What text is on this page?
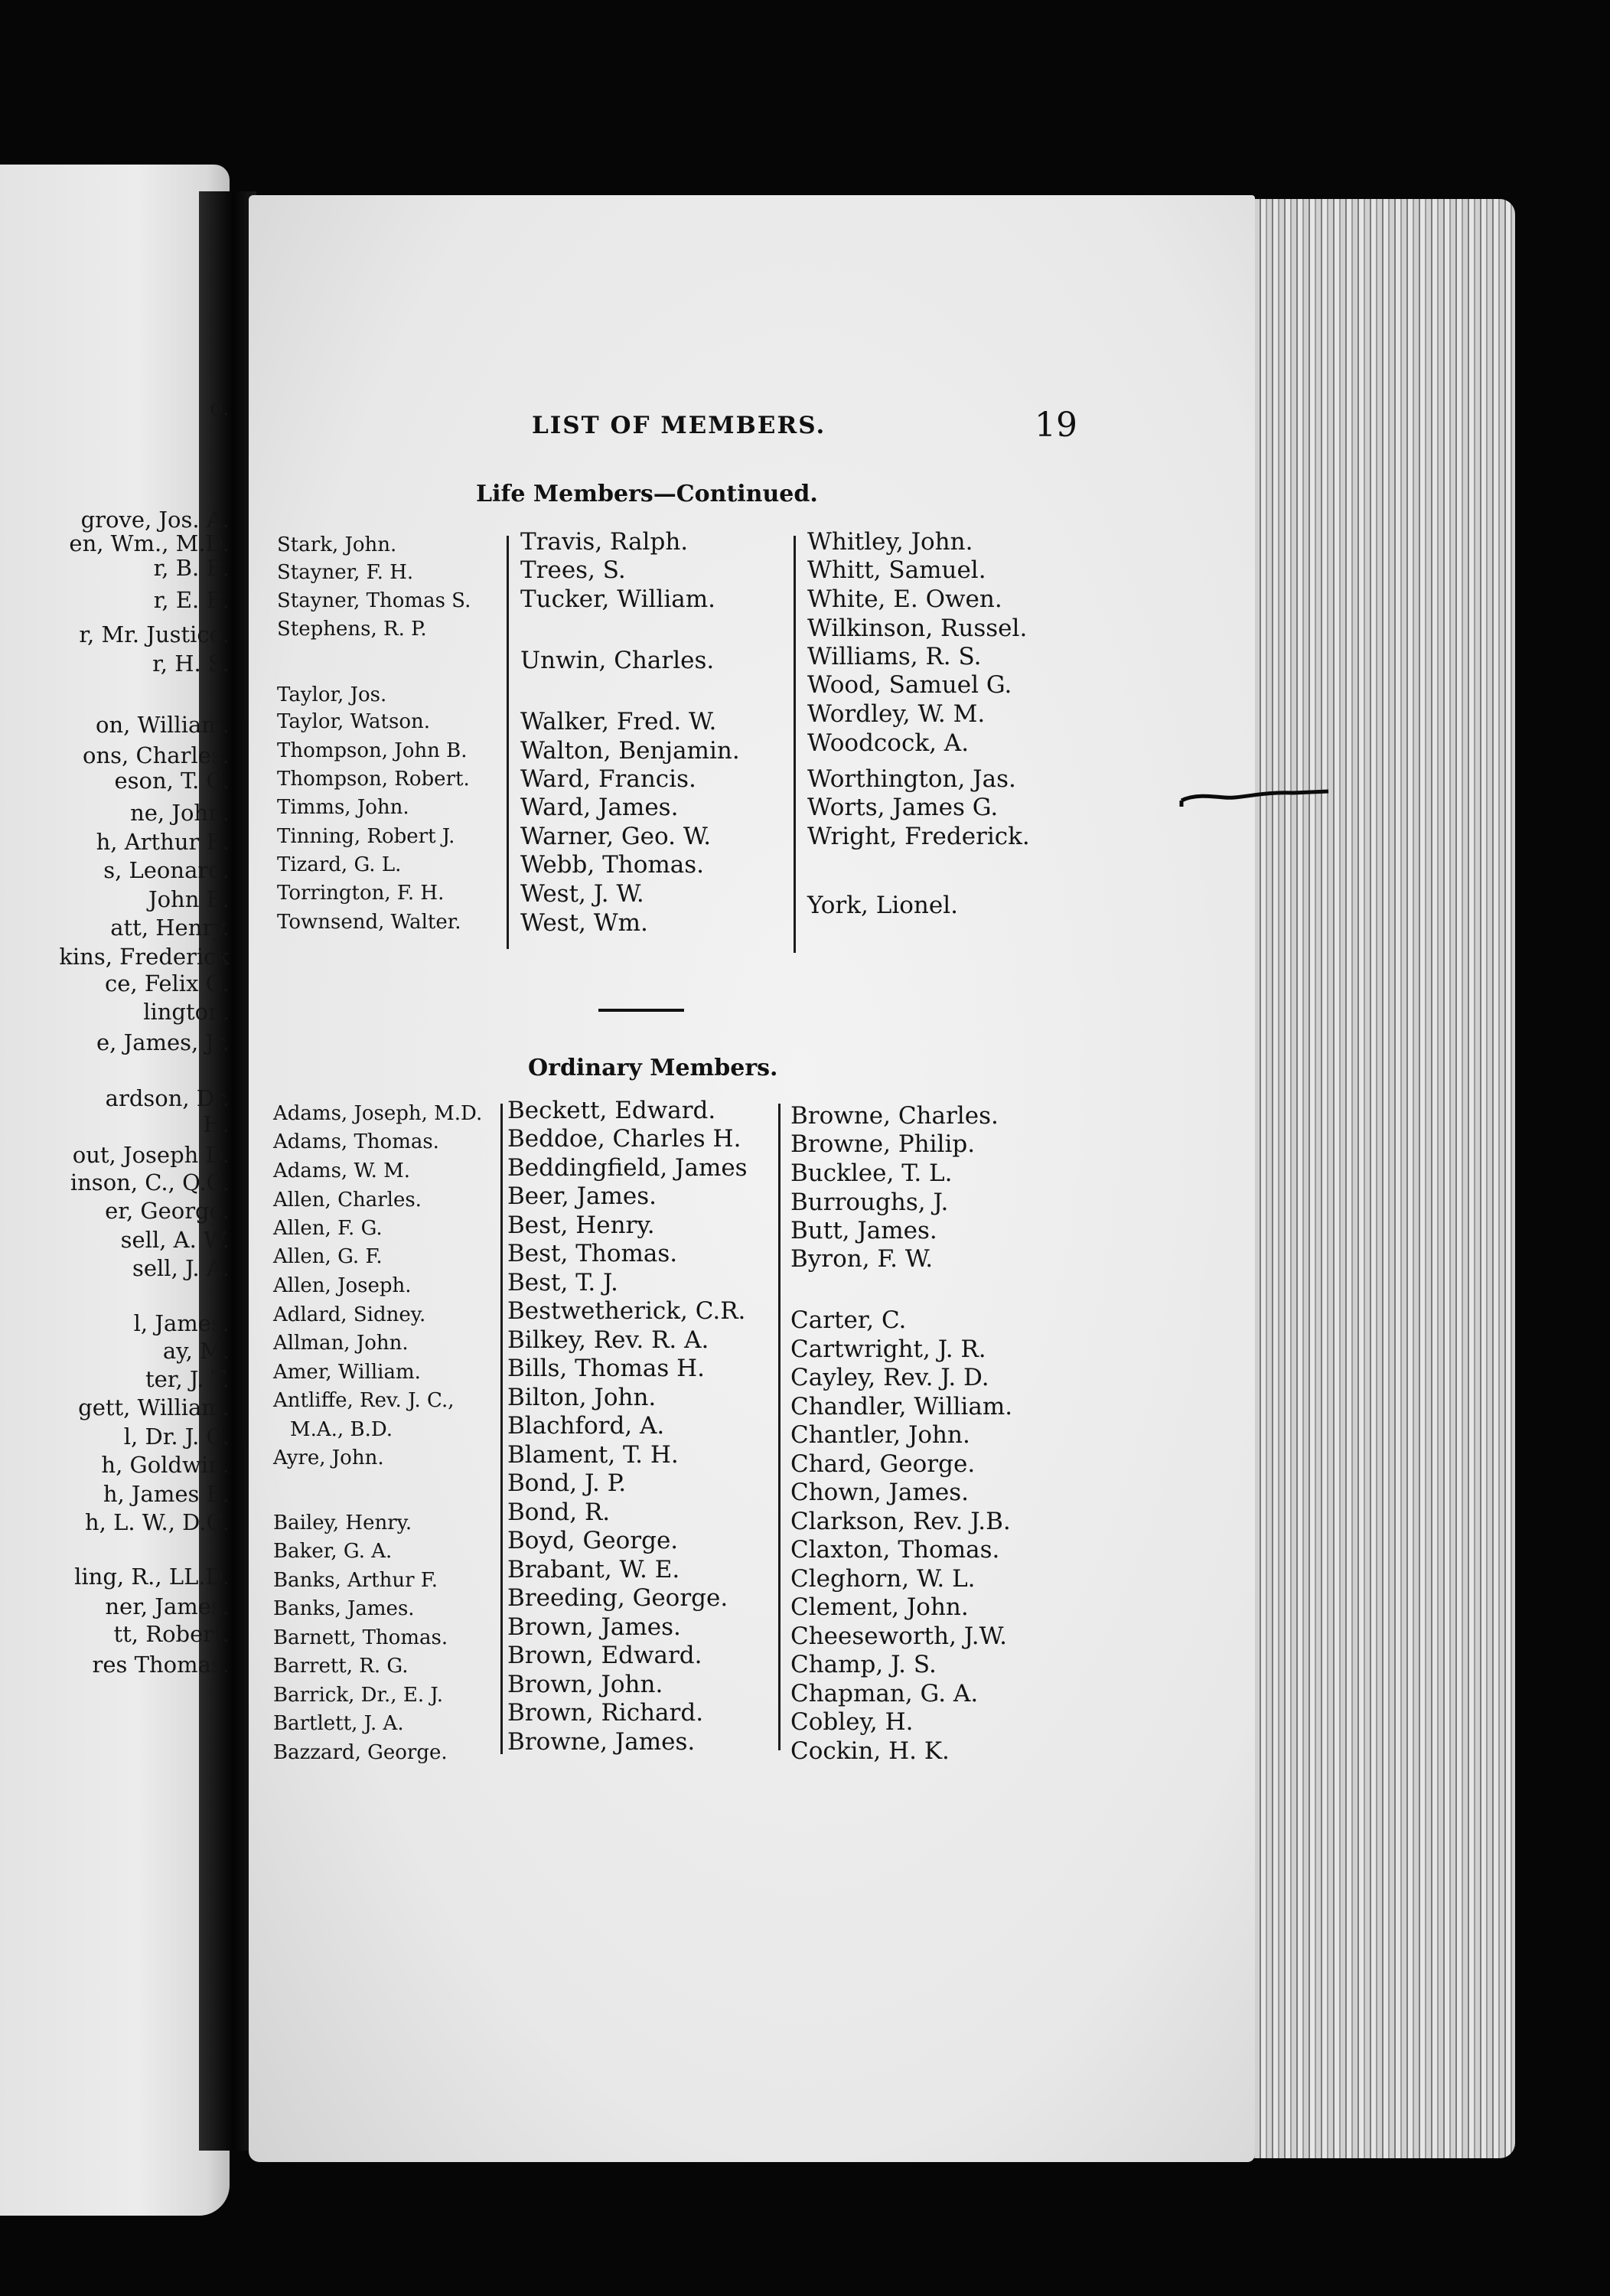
o.
grove, Jos. A.
en, Wm., M.D.
r, B. B.
r, E. B.
r, Mr. Justice.
r, H. S.
on, William.
ons, Charles.
eson, T. C.
ne, John.
h, Arthur E.
s, Leonard.
John E.
att, Henry.
kins, Frederick
ce, Felix G.
lington.
e, James, Jr.
ardson, Dr.
H.
out, Joseph D.
inson, C., Q.C.
er, George.
sell, A. W.
sell, J. A.
l, James.
ay, M.
ter, J. T.
gett, William.
l, Dr. J. C.
h, Goldwin.
h, James E.
h, L. W., D.C.
ling, R., LL.D.
ner, James.
tt, Robert.
res Thomas.
LIST OF MEMBERS.	19
Life Members—Continued.
Stark, John.
Stayner, F. H.
Stayner, Thomas S.
Stephens, R. P.
Taylor, Jos.
Taylor, Watson.
Thompson, John B.
Thompson, Robert.
Timms, John.
Tinning, Robert J.
Tizard, G. L.
Torrington, F. H.
Townsend, Walter.
Travis, Ralph.
Trees, S.
Tucker, William.
Unwin, Charles.
Walker, Fred. W.
Walton, Benjamin.
Ward, Francis.
Ward, James.
Warner, Geo. W.
Webb, Thomas.
West, J. W.
West, Wm.
Whitley, John.
Whitt, Samuel.
White, E. Owen.
Wilkinson, Russel.
Williams, R. S.
Wood, Samuel G.
Wordley, W. M.
Woodcock, A.
Worthington, Jas.
Worts, James G.
Wright, Frederick.
York, Lionel.
Ordinary Members.
Adams, Joseph, M.D.
Adams, Thomas.
Adams, W. M.
Allen, Charles.
Allen, F. G.
Allen, G. F.
Allen, Joseph.
Adlard, Sidney.
Allman, John.
Amer, William.
Antliffe, Rev. J. C.,
M.A., B.D.
Ayre, John.
Bailey, Henry.
Baker, G. A.
Banks, Arthur F.
Banks, James.
Barnett, Thomas.
Barrett, R. G.
Barrick, Dr., E. J.
Bartlett, J. A.
Bazzard, George.
Beckett, Edward.
Beddoe, Charles H.
Beddingfield, James
Beer, James.
Best, Henry.
Best, Thomas.
Best, T. J.
Bestwetherick, C.R.
Bilkey, Rev. R. A.
Bills, Thomas H.
Bilton, John.
Blachford, A.
Blament, T. H.
Bond, J. P.
Bond, R.
Boyd, George.
Brabant, W. E.
Breeding, George.
Brown, James.
Brown, Edward.
Brown, John.
Brown, Richard.
Browne, James.
Browne, Charles.
Browne, Philip.
Bucklee, T. L.
Burroughs, J.
Butt, James.
Byron, F. W.
Carter, C.
Cartwright, J. R.
Cayley, Rev. J. D.
Chandler, William.
Chantler, John.
Chard, George.
Chown, James.
Clarkson, Rev. J.B.
Claxton, Thomas.
Cleghorn, W. L.
Clement, John.
Cheeseworth, J.W.
Champ, J. S.
Chapman, G. A.
Cobley, H.
Cockin, H. K.
